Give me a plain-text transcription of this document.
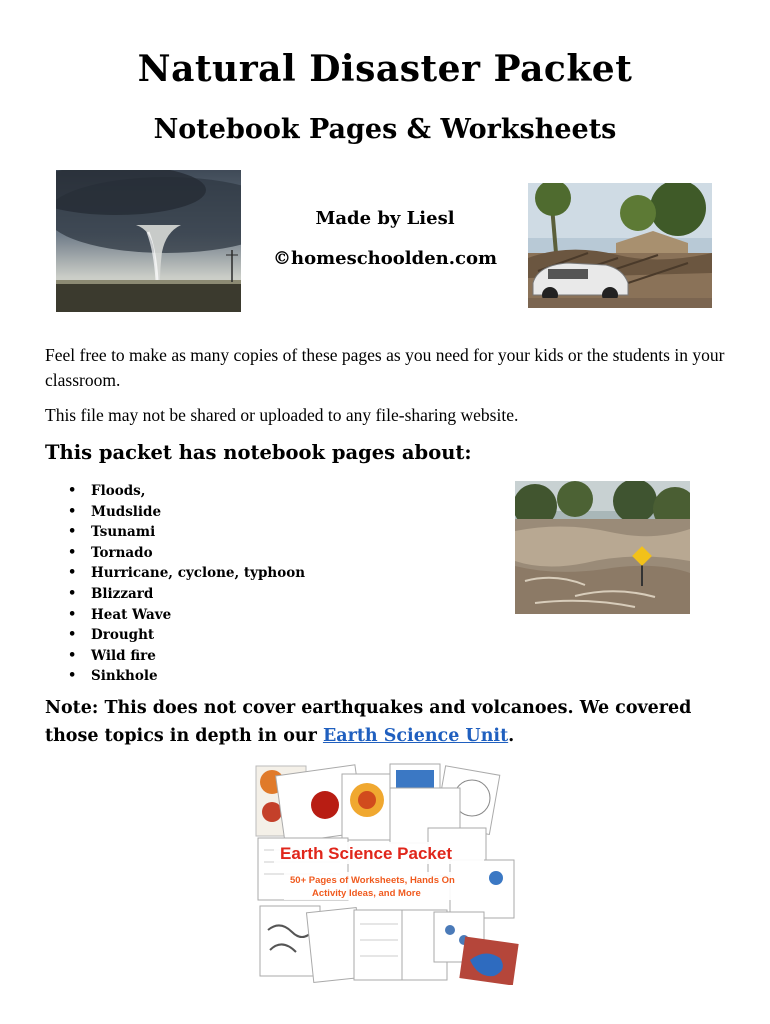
Natural Disaster Packet
Notebook Pages & Worksheets
Made by Liesl
©homeschoolden.com
Feel free to make as many copies of these pages as you need for your kids or the students in your classroom.
This file may not be shared or uploaded to any file-sharing website.
This packet has notebook pages about:
• Floods,
• Mudslide
• Tsunami
• Tornado
• Hurricane, cyclone, typhoon
• Blizzard
• Heat Wave
• Drought
• Wild fire
• Sinkhole
Note: This does not cover earthquakes and volcanoes. We covered those topics in depth in our Earth Science Unit.
Earth Science Packet
50+ Pages of Worksheets, Hands On
Activity Ideas, and More
